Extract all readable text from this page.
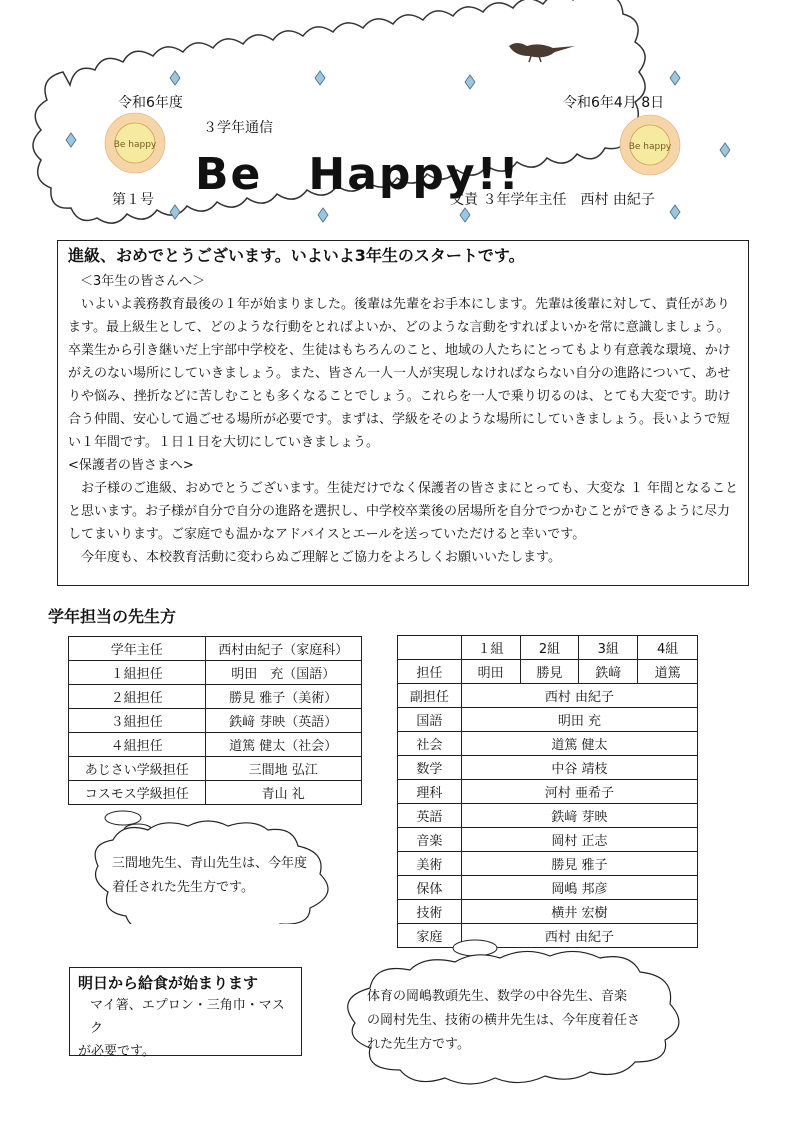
Be happy	Be happy
令和6年度	令和6年4月 8日
３学年通信
Be　Happy!!
第１号	文責 ３年学年主任　西村 由紀子
進級、おめでとうございます。いよいよ3年生のスタートです。
＜3年生の皆さんへ＞

いよいよ義務教育最後の１年が始まりました。後輩は先輩をお手本にします。先輩は後輩に対して、責任があります。最上級生として、どのような行動をとればよいか、どのような言動をすればよいかを常に意識しましょう。卒業生から引き継いだ上宇部中学校を、生徒はもちろんのこと、地域の人たちにとってもより有意義な環境、かけがえのない場所にしていきましょう。また、皆さん一人一人が実現しなければならない自分の進路について、あせりや悩み、挫折などに苦しむことも多くなることでしょう。これらを一人で乗り切るのは、とても大変です。助け合う仲間、安心して過ごせる場所が必要です。まずは、学級をそのような場所にしていきましょう。長いようで短い１年間です。１日１日を大切にしていきましょう。

<保護者の皆さまへ>

お子様のご進級、おめでとうございます。生徒だけでなく保護者の皆さまにとっても、大変な １ 年間となることと思います。お子様が自分で自分の進路を選択し、中学校卒業後の居場所を自分でつかむことができるように尽力してまいります。ご家庭でも温かなアドバイスとエールを送っていただけると幸いです。

今年度も、本校教育活動に変わらぬご理解とご協力をよろしくお願いいたします。

学年担当の先生方
学年主任	西村由紀子（家庭科）
１組担任	明田　充（国語）
２組担任	勝見 雅子（美術）
３組担任	鉄﨑 芽映（英語）
４組担任	道篤 健太（社会）
あじさい学級担任	三間地 弘江
コスモス学級担任	青山 礼
	１組	2組	3組	4組
担任	明田	勝見	鉄﨑	道篤
副担任	西村 由紀子			
国語	明田 充			
社会	道篤 健太			
数学	中谷 靖枝			
理科	河村 亜希子			
英語	鉄﨑 芽映			
音楽	岡村 正志			
美術	勝見 雅子			
保体	岡嶋 邦彦			
技術	横井 宏樹			
家庭	西村 由紀子			
三間地先生、青山先生は、今年度
着任された先生方です。
体育の岡嶋教頭先生、数学の中谷先生、音楽
の岡村先生、技術の横井先生は、今年度着任さ
れた先生方です。
明日から給食が始まります
マイ箸、エプロン・三角巾・マスク
が必要です。
